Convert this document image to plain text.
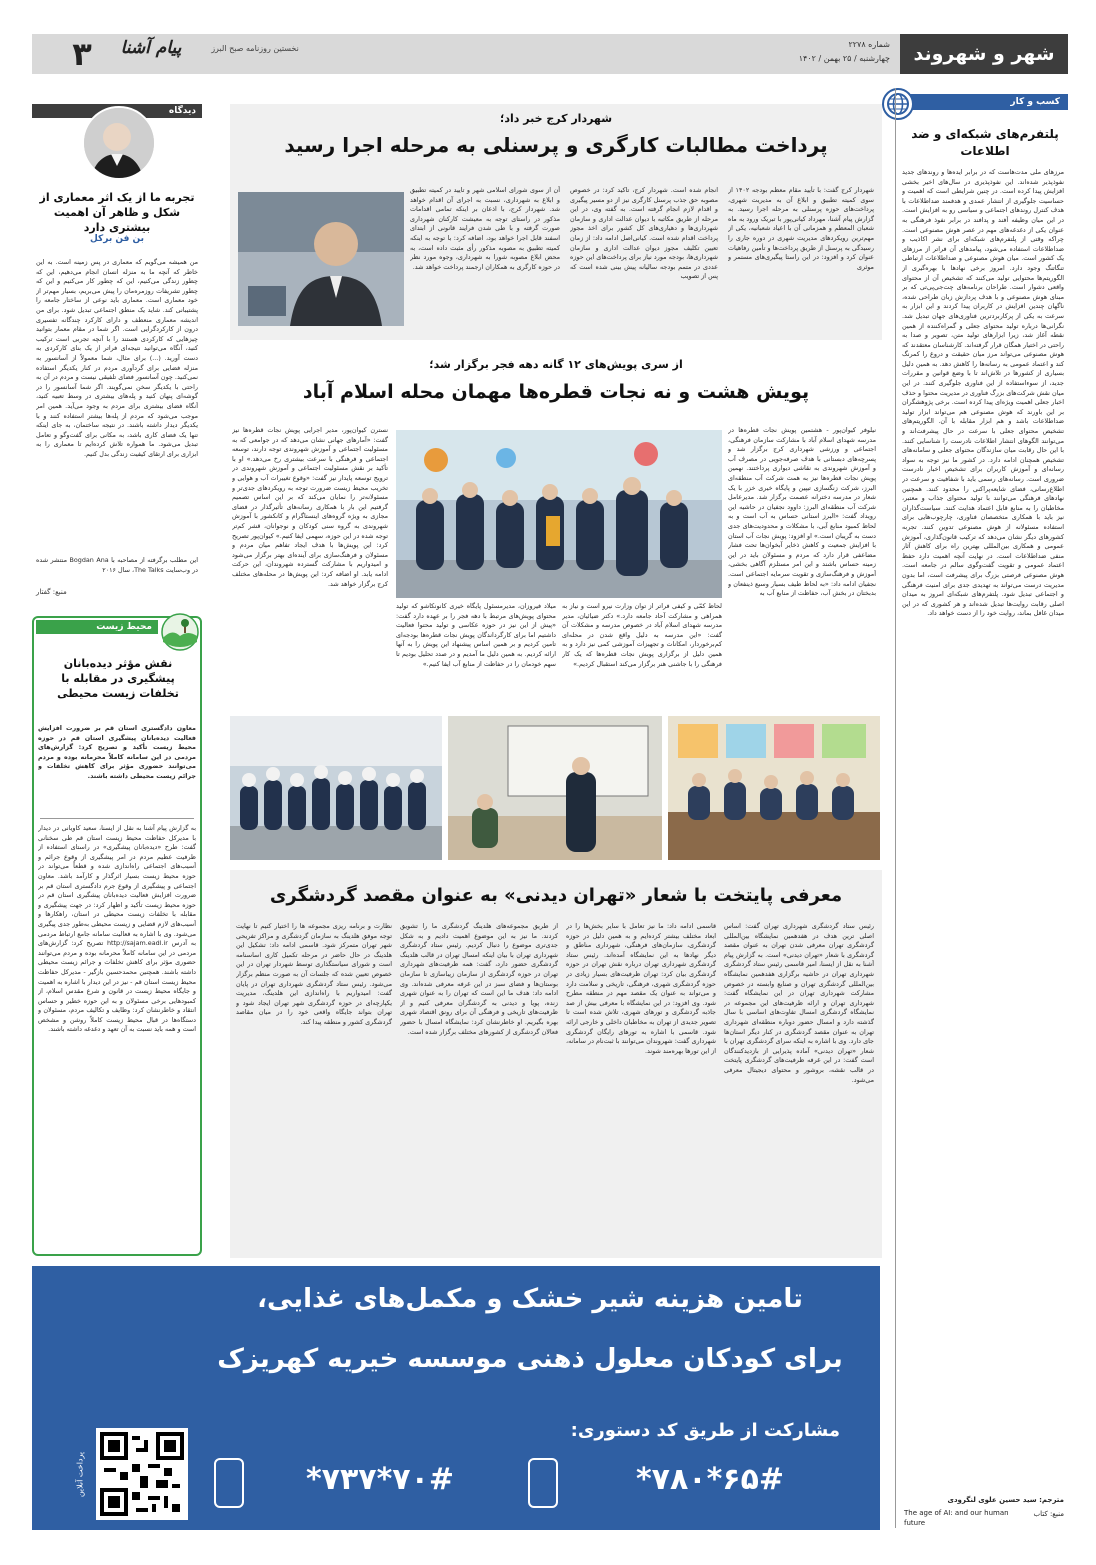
شهر و شهروند
شماره ۲۲۷۸
چهارشنبه / ۲۵ بهمن / ۱۴۰۲
۳	پیام آشنا	نخستین روزنامه صبح البرز
کسب و کار
پلتفرم‌های شبکه‌ای و ضد اطلاعات
مرزهای ملی مدت‌هاست که در برابر ایده‌ها و روندهای جدید نفوذپذیر شده‌اند. این نفوذپذیری در سال‌های اخیر بخشی افزایش پیدا کرده است. در چنین شرایطی است که اهمیت و حساسیت جلوگیری از انتشار عمدی و هدفمند ضداطلاعات با هدف کنترل روندهای اجتماعی و سیاسی رو به افزایش است. در این میان وظیفه اَفند و پدافند در برابر نفوذ فرهنگی به عنوان یکی از دغدغه‌های مهم در عصر هوش مصنوعی است. چراکه وقتی از پلتفرم‌های شبکه‌ای برای نشر اکاذیب و ضداطلاعات استفاده می‌شود، پیامدهای آن فراتر از مرزهای یک کشور است. میان هوش مصنوعی و ضداطلاعات ارتباطی تنگاتنگ وجود دارد. امروز برخی نهادها با بهره‌گیری از الگوریتم‌ها محتوایی تولید می‌کنند که تشخیص آن از محتوای واقعی دشوار است. طراحان برنامه‌های چت‌جی‌پی‌تی که بر مبنای هوش مصنوعی و با هدف پردازش زبان طراحی شده، ناگهان چندین افزایش در کاربران پیدا کردند و این ابزار به سرعت به یکی از پرکاربردترین فناوری‌های جهان تبدیل شد. نگرانی‌ها درباره تولید محتوای جعلی و گمراه‌کننده از همین نقطه آغاز شد، زیرا ابزارهای تولید متن، تصویر و صدا به راحتی در اختیار همگان قرار گرفته‌اند. کارشناسان معتقدند که هوش مصنوعی می‌تواند مرز میان حقیقت و دروغ را کمرنگ کند و اعتماد عمومی به رسانه‌ها را کاهش دهد. به همین دلیل بسیاری از کشورها در تلاش‌اند تا با وضع قوانین و مقررات جدید، از سوءاستفاده از این فناوری جلوگیری کنند. در این میان نقش شرکت‌های بزرگ فناوری در مدیریت محتوا و حذف اخبار جعلی اهمیت ویژه‌ای پیدا کرده است. برخی پژوهشگران بر این باورند که هوش مصنوعی هم می‌تواند ابزار تولید ضداطلاعات باشد و هم ابزار مقابله با آن. الگوریتم‌های تشخیص محتوای جعلی با سرعت در حال پیشرفت‌اند و می‌توانند الگوهای انتشار اطلاعات نادرست را شناسایی کنند. با این حال رقابت میان سازندگان محتوای جعلی و سامانه‌های تشخیص همچنان ادامه دارد. در کشور ما نیز توجه به سواد رسانه‌ای و آموزش کاربران برای تشخیص اخبار نادرست ضروری است. رسانه‌های رسمی باید با شفافیت و سرعت در اطلاع‌رسانی، فضای شایعه‌پراکنی را محدود کنند. همچنین نهادهای فرهنگی می‌توانند با تولید محتوای جذاب و معتبر، مخاطبان را به منابع قابل اعتماد هدایت کنند. سیاست‌گذاران نیز باید با همکاری متخصصان فناوری، چارچوب‌هایی برای استفاده مسئولانه از هوش مصنوعی تدوین کنند. تجربه کشورهای دیگر نشان می‌دهد که ترکیب قانون‌گذاری، آموزش عمومی و همکاری بین‌المللی بهترین راه برای کاهش آثار منفی ضداطلاعات است. در نهایت آنچه اهمیت دارد حفظ اعتماد عمومی و تقویت گفت‌وگوی سالم در جامعه است. هوش مصنوعی فرصتی بزرگ برای پیشرفت است، اما بدون مدیریت درست می‌تواند به تهدیدی جدی برای امنیت فرهنگی و اجتماعی تبدیل شود. پلتفرم‌های شبکه‌ای امروز به میدان اصلی رقابت روایت‌ها تبدیل شده‌اند و هر کشوری که در این میدان غافل بماند، روایت خود را از دست خواهد داد.
مترجم: سید حسین علوی لنگرودی
منبع: کتاب
The age of AI: and our human future
دیدگاه
تجربه ما از یک اثر معماری از شکل و ظاهر آن اهمیت بیشتری دارد
بن فن برکل
من همیشه می‌گویم که معماری در پس زمینه است. به این خاطر که آنچه ما به منزله انسان انجام می‌دهیم، این که چطور زندگی می‌کنیم، این که چطور کار می‌کنیم و این که چطور تشریفات روزمره‌مان را پیش می‌بریم، بسیار مهم‌تر از خود معماری است. معماری باید نوعی از ساختار جامعه را پشتیبانی کند. شاید یک منطق اجتماعی تبدیل شود. برای من اندیشه معماری منعطف و دارای کارکرد چندگانه تفسیری درون از کارکردگرایی است. اگر شما در مقام معمار بتوانید چیزهایی که کارکردی هستند را با آنچه تجربی است ترکیب کنید، آنگاه می‌توانید نتیجه‌ای فراتر از یک بنای کارکردی به دست آورید. (...) برای مثال، شما معمولاً از آسانسور به منزله فضایی برای گردآوری مردم در کنار یکدیگر استفاده نمی‌کنید. چون آسانسور فضای تلفیقی نیست و مردم در آن به راحتی با یکدیگر سخن نمی‌گویند. اگر شما آسانسور را در گوشه‌ای پنهان کنید و پله‌های بیشتری در وسط تعبیه کنید، آنگاه فضای بیشتری برای مردم به وجود می‌آید. همین امر موجب می‌شود که مردم از پله‌ها بیشتر استفاده کنند و با یکدیگر دیدار داشته باشند. در نتیجه ساختمان، به جای اینکه تنها یک فضای کاری باشد، به مکانی برای گفت‌وگو و تعامل تبدیل می‌شود. ما همواره تلاش کرده‌ایم تا معماری را به ابزاری برای ارتقای کیفیت زندگی بدل کنیم.
این مطلب برگرفته از مصاحبه با Bogdan Ana منتشر شده در وب‌سایت The Talks، سال ۲۰۱۶
منبع: گفتار
محیط زیست
نقش مؤثر دیده‌بانان پیشگیری در مقابله با تخلفات زیست محیطی
معاون دادگستری استان قم بر ضرورت افزایش فعالیت دیده‌بانان پیشگیری استان قم در حوزه محیط زیست تأکید و تصریح کرد: گزارش‌های مردمی در این سامانه کاملاً محرمانه بوده و مردم می‌توانند حضوری مؤثر برای کاهش تخلفات و جرائم زیست محیطی داشته باشند.
به گزارش پیام آشنا به نقل از ایسنا، سعید کاویانی در دیدار با مدیرکل حفاظت محیط زیست استان قم طی سخنانی گفت: طرح «دیده‌بانان پیشگیری» در راستای استفاده از ظرفیت عظیم مردم در امر پیشگیری از وقوع جرائم و آسیب‌های اجتماعی راه‌اندازی شده و قطعاً می‌تواند در حوزه محیط زیست بسیار اثرگذار و کارآمد باشد. معاون اجتماعی و پیشگیری از وقوع جرم دادگستری استان قم بر ضرورت افزایش فعالیت دیده‌بانان پیشگیری استان قم در حوزه محیط زیست تأکید و اظهار کرد: در جهت پیشگیری و مقابله با تخلفات زیست محیطی در استان، راهکارها و آسیب‌های لازم قضایی و زیست محیطی به‌طور جدی پیگیری می‌شود. وی با اشاره به فعالیت سامانه جامع ارتباط مردمی به آدرس http://sajam.eadl.ir تصریح کرد: گزارش‌های مردمی در این سامانه کاملاً محرمانه بوده و مردم می‌توانند حضوری مؤثر برای کاهش تخلفات و جرائم زیست محیطی داشته باشند. همچنین محمدحسین بازگیر - مدیرکل حفاظت محیط زیست استان قم - نیز در این دیدار با اشاره به اهمیت و جایگاه محیط زیست در قانون و شرع مقدس اسلام، از کمبودهایی برخی مسئولان و به این حوزه خطیر و حساس انتقاد و خاطرنشان کرد: وظایف و تکالیف مردم، مسئولان و دستگاه‌ها در قبال محیط زیست کاملاً روشن و مشخص است و همه باید نسبت به آن تعهد و دغدغه داشته باشند.
شهردار کرج خبر داد؛
پرداخت مطالبات کارگری و پرسنلی به مرحله اجرا رسید
شهردار کرج گفت: با تأیید مقام معظم بودجه ۱۴۰۲ از سوی کمیته تطبیق و ابلاغ آن به مدیریت شهری، پرداخت‌های حوزه پرسنلی به مرحله اجرا رسید. به گزارش پیام آشنا، مهرداد کیانی‌پور با تبریک ورود به ماه شعبان المعظم و همزمانی آن با اعیاد شعبانیه، یکی از مهم‌ترین رویکردهای مدیریت شهری در دوره جاری را رسیدگی به پرسنل از طریق پرداخت‌ها و تأمین رفاهیات عنوان کرد و افزود: در این راستا پیگیری‌های مستمر و موثری
انجام شده است. شهردار کرج، تاکید کرد: در خصوص مصوبه حق جذب پرسنل کارگری نیز از دو مسیر پیگیری و اقدام لازم انجام گرفته است. به گفته وی، در این مرحله از طریق مکاتبه با دیوان عدالت اداری و سازمان شهرداری‌ها و دهیاری‌های کل کشور برای اخذ مجوز پرداخت اقدام شده است. کیانی‌اصل ادامه داد: از زمان تعیین تکلیف مجوز دیوان عدالت اداری و سازمان شهرداری‌ها، بودجه مورد نیاز برای پرداخت‌های این حوزه عددی در متمم بودجه سالیانه پیش بینی شده است که پس از تصویب
آن از سوی شورای اسلامی شهر و تایید در کمیته تطبیق و ابلاغ به شهرداری، نسبت به اجرای آن اقدام خواهد شد. شهردار کرج، با اذعان بر اینکه تمامی اقدامات مذکور در راستای توجه به معیشت کارکنان شهرداری صورت گرفته و با طی شدن فرایند قانونی از ابتدای اسفند قابل اجرا خواهد بود، اضافه کرد: با توجه به اینکه کمیته تطبیق به مصوبه مذکور رأی مثبت داده است، به محض ابلاغ مصوبه شورا به شهرداری، وجوه مورد نظر در حوزه کارگری به همکاران ارجمند پرداخت خواهد شد.
از سری پویش‌های ۱۲ گانه دهه فجر برگزار شد؛
پویش هشت و نه نجات قطره‌ها مهمان محله اسلام آباد
نیلوفر کیوان‌پور - هشتمین پویش نجات قطره‌ها در مدرسه شهدای اسلام آباد با مشارکت سازمان فرهنگی، اجتماعی و ورزشی شهرداری کرج برگزار شد و پسرچه‌های دبستانی با هدف صرفه‌جویی در مصرف آب و آموزش شهروندی به نقاشی دیواری پرداختند. نهمین پویش نجات قطره‌ها نیز به همت شرکت آب منطقه‌ای البرز، شرکت زنگسازی تیپین و پایگاه خیری خزر با یک شعار در مدرسه دخترانه عصمت برگزار شد. مدیرعامل شرکت آب منطقه‌ای البرز: داوود نجفیان در حاشیه این رویداد گفت: «البرز استانی حساس به آب است و به لحاظ کمبود منابع آبی، با مشکلات و محدودیت‌های جدی دست به گریبان است.» او افزود: پویش نجات آب استان با افزایش جمعیت و کاهش ذخایر آبخوان‌ها تحت فشار مضاعفی قرار دارد که مردم و مسئولان باید در این زمینه حساس باشند و این امر مستلزم آگاهی بخشی، آموزش و فرهنگ‌سازی و تقویت سرمایه اجتماعی است. نجفیان ادامه داد: «به لحاظ طیف بسیار وسیع ذینفعان و بدبختان در بخش آب، حفاظت از منابع آب به
لحاظ کمّی و کیفی فراتر از توان وزارت نیرو است و نیاز به همراهی و مشارکت آحاد جامعه دارد.» دکتر ضیائیان، مدیر مدرسه شهدای اسلام آباد در خصوص مدرسه و مشکلات آن گفت: «این مدرسه به دلیل واقع شدن در محله‌ای کم‌برخوردار، امکانات و تجهیزات آموزشی کمی نیز دارد و به همین دلیل از برگزاری پویش نجات قطره‌ها که یک کار فرهنگی را با جاشنی هنر برگزار می‌کند استقبال کردیم.»
میلاد فیروزان، مدیرمسئول پایگاه خیری کانونکاشو که تولید محتوای پویش‌های مرتبط با دهه فجر را بر عهده دارد گفت: «پیش از این نیز در حوزه عکاسی و تولید محتوا فعالیت داشتیم اما برای کارگرداندگان پویش نجات قطره‌ها بودجه‌ای تامین کردیم و بر همین اساس پیشنهاد این پویش را به آنها ارائه کردیم. به همین دلیل ما آمدیم و در صدد تحلیل بودیم تا سهم خودمان را در حفاظت از منابع آب ایفا کنیم.»
نسترن کیوان‌پور، مدیر اجرایی پویش نجات قطره‌ها نیز گفت: «آمارهای جهانی نشان می‌دهد که در جوامعی که به مسئولیت اجتماعی و آموزش شهروندی توجه دارند، توسعه اجتماعی و فرهنگی با سرعت بیشتری رخ می‌دهد.» او با تأکید بر نقش مسئولیت اجتماعی و آموزش شهروندی در ترویج توسعه پایدار نیز گفت: «وقوع تغییرات آب و هوایی و تخریب محیط زیست ضرورت توجه به رویکردهای جدی‌تر و مسئولانه‌تر را نمایان می‌کند که بر این اساس تصمیم گرفتیم این بار با همکاری رسانه‌های تأثیرگذار در فضای مجازی به ویژه گروه‌های اینستاگرام و کانکشور با آموزش شهروندی به گروه سنی کودکان و نوجوانان، قشر کم‌تر توجه شده در این حوزه، سهمی ایفا کنیم.» کیوان‌پور تصریح کرد: این پویش‌ها با هدف ایجاد تفاهم میان مردم و مسئولان و فرهنگ‌سازی برای آینده‌ای بهتر برگزار می‌شود و امیدواریم با مشارکت گسترده شهروندان، این حرکت ادامه یابد. او اضافه کرد: این پویش‌ها در محله‌های مختلف کرج برگزار خواهد شد.
معرفی پایتخت با شعار «تهران دیدنی» به عنوان مقصد گردشگری
رئیس ستاد گردشگری شهرداری تهران گفت: اساس اصلی ترین هدف در هفدهمین نمایشگاه بین‌المللی گردشگری تهران معرفی شدن تهران به عنوان مقصد گردشگری با شعار «تهران دیدنی» است. به گزارش پیام آشنا به نقل از ایسنا، امیر قاسمی رئیس ستاد گردشگری شهرداری تهران در حاشیه برگزاری هفدهمین نمایشگاه بین‌المللی گردشگری تهران و صنایع وابسته در خصوص مشارکت شهرداری تهران در این نمایشگاه گفت: شهرداری تهران و ارائه ظرفیت‌های این مجموعه در نمایشگاه گردشگری امسال تفاوت‌های اساسی با سال گذشته دارد و امسال حضور دوباره منطقه‌ای شهرداری تهران به عنوان مقصد گردشگری در کنار دیگر استان‌ها جای دارد. وی با اشاره به اینکه سرای گردشگری تهران با شعار «تهران دیدنی» آماده پذیرایی از بازدیدکنندگان است گفت: در این غرفه ظرفیت‌های گردشگری پایتخت در قالب نقشه، بروشور و محتوای دیجیتال معرفی می‌شود.
قاسمی ادامه داد: ما نیز تعامل با سایر بخش‌ها را در ابعاد مختلف بیشتر کرده‌ایم و به همین دلیل در حوزه گردشگری، سازمان‌های فرهنگی، شهرداری مناطق و دیگر نهادها به این نمایشگاه آمده‌اند. رئیس ستاد گردشگری شهرداری تهران درباره نقش تهران در حوزه گردشگری بیان کرد: تهران ظرفیت‌های بسیار زیادی در حوزه گردشگری شهری، فرهنگی، تاریخی و سلامت دارد و می‌تواند به عنوان یک مقصد مهم در منطقه مطرح شود. وی افزود: در این نمایشگاه با معرفی بیش از صد جاذبه گردشگری و تورهای شهری، تلاش شده است تا تصویر جدیدی از تهران به مخاطبان داخلی و خارجی ارائه شود. قاسمی با اشاره به تورهای رایگان گردشگری شهرداری گفت: شهروندان می‌توانند با ثبت‌نام در سامانه، از این تورها بهره‌مند شوند.
از طریق مجموعه‌های هلدینگ گردشگری ما را تشویق کردند. ما نیز به این موضوع اهمیت دادیم و به شکل جدی‌تری موضوع را دنبال کردیم. رئیس ستاد گردشگری شهرداری تهران با بیان اینکه امسال تهران در قالب هلدینگ گردشگری حضور دارد، گفت: همه ظرفیت‌های شهرداری تهران در حوزه گردشگری از سازمان زیباسازی تا سازمان بوستان‌ها و فضای سبز در این غرفه معرفی شده‌اند. وی ادامه داد: هدف ما این است که تهران را به عنوان شهری زنده، پویا و دیدنی به گردشگران معرفی کنیم و از ظرفیت‌های تاریخی و فرهنگی آن برای رونق اقتصاد شهری بهره بگیریم. او خاطرنشان کرد: نمایشگاه امسال با حضور فعالان گردشگری از کشورهای مختلف برگزار شده است.
نظارت و برنامه ریزی مجموعه ها را اختیار کنیم تا نهایت توجه موفق هلدینگ به سازمان گردشگری و مراکز تفریحی شهر تهران متمرکز شود. قاسمی ادامه داد: تشکیل این هلدینگ در حال حاضر در مرحله تکمیل کاری اساسنامه است و شورای سیاستگذاری توسط شهردار تهران در این خصوص تعیین شده که جلسات آن به صورت منظم برگزار می‌شود. رئیس ستاد گردشگری شهرداری تهران در پایان گفت: امیدواریم با راه‌اندازی این هلدینگ، مدیریت یکپارچه‌ای در حوزه گردشگری شهر تهران ایجاد شود و تهران بتواند جایگاه واقعی خود را در میان مقاصد گردشگری کشور و منطقه پیدا کند.
تامین هزینه شیر خشک و مکمل‌های غذایی،
برای کودکان معلول ذهنی موسسه خیریه کهریزک
مشارکت از طریق کد دستوری:
*۷۸۰*۶۵#
*۷۳۷*۷۰#
پرداخت آنلاین
